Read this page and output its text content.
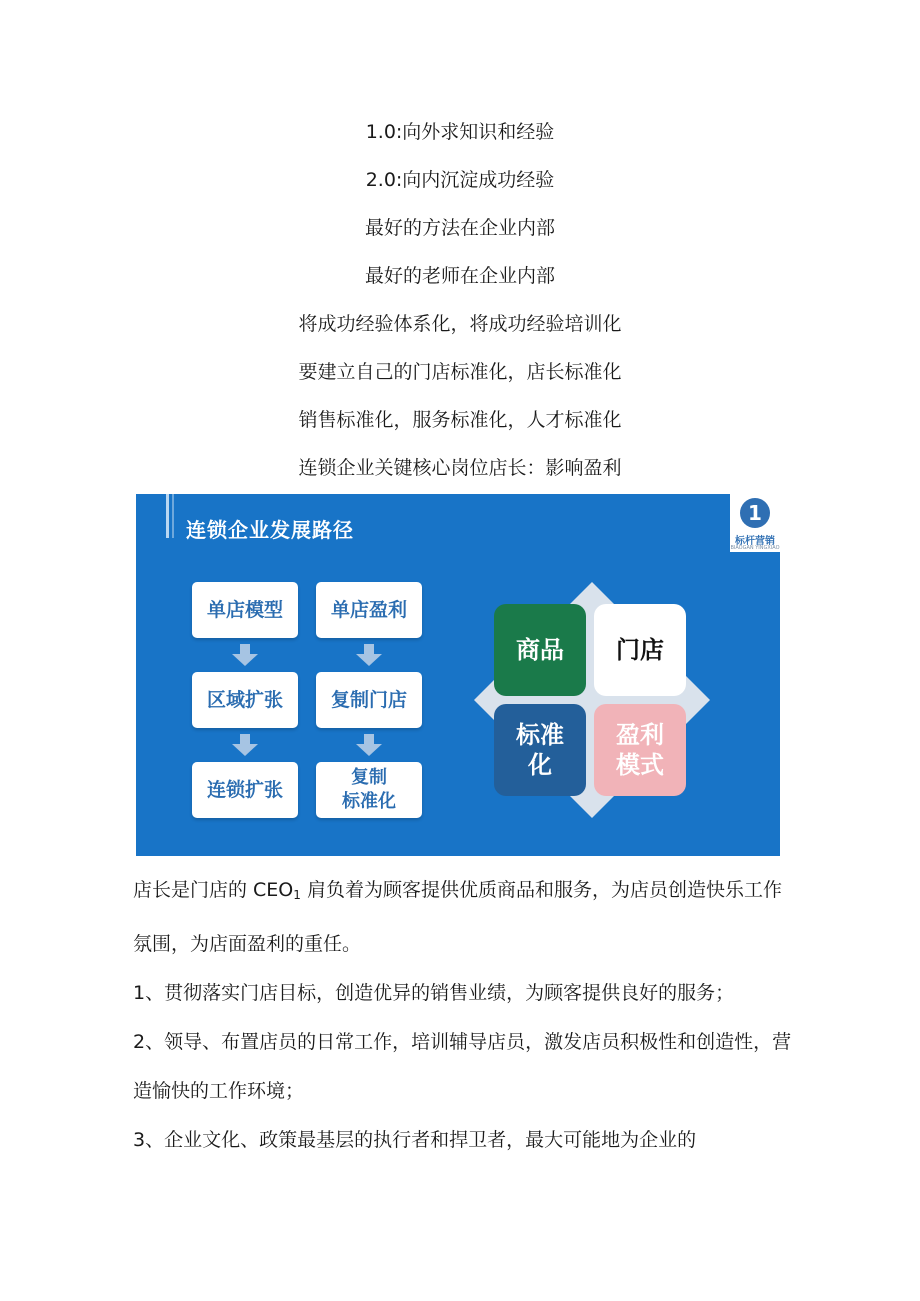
1.0:向外求知识和经验
2.0:向内沉淀成功经验
最好的方法在企业内部
最好的老师在企业内部
将成功经验体系化，将成功经验培训化
要建立自己的门店标准化，店长标准化
销售标准化，服务标准化，人才标准化
连锁企业关键核心岗位店长：影响盈利
连锁企业发展路径
1
标杆营销
BIAOGAN YINGXIAO
单店模型
区域扩张
连锁扩张
单店盈利
复制门店
复制
标准化
商品	门店
标准
化
盈利
模式

店长是门店的 $CEO_1$ 肩负着为顾客提供优质商品和服务，为店员创造快乐工作氛围，为店面盈利的重任。

1、贯彻落实门店目标，创造优异的销售业绩，为顾客提供良好的服务；

2、领导、布置店员的日常工作，培训辅导店员，激发店员积极性和创造性，营造愉快的工作环境；

3、企业文化、政策最基层的执行者和捍卫者，最大可能地为企业的
